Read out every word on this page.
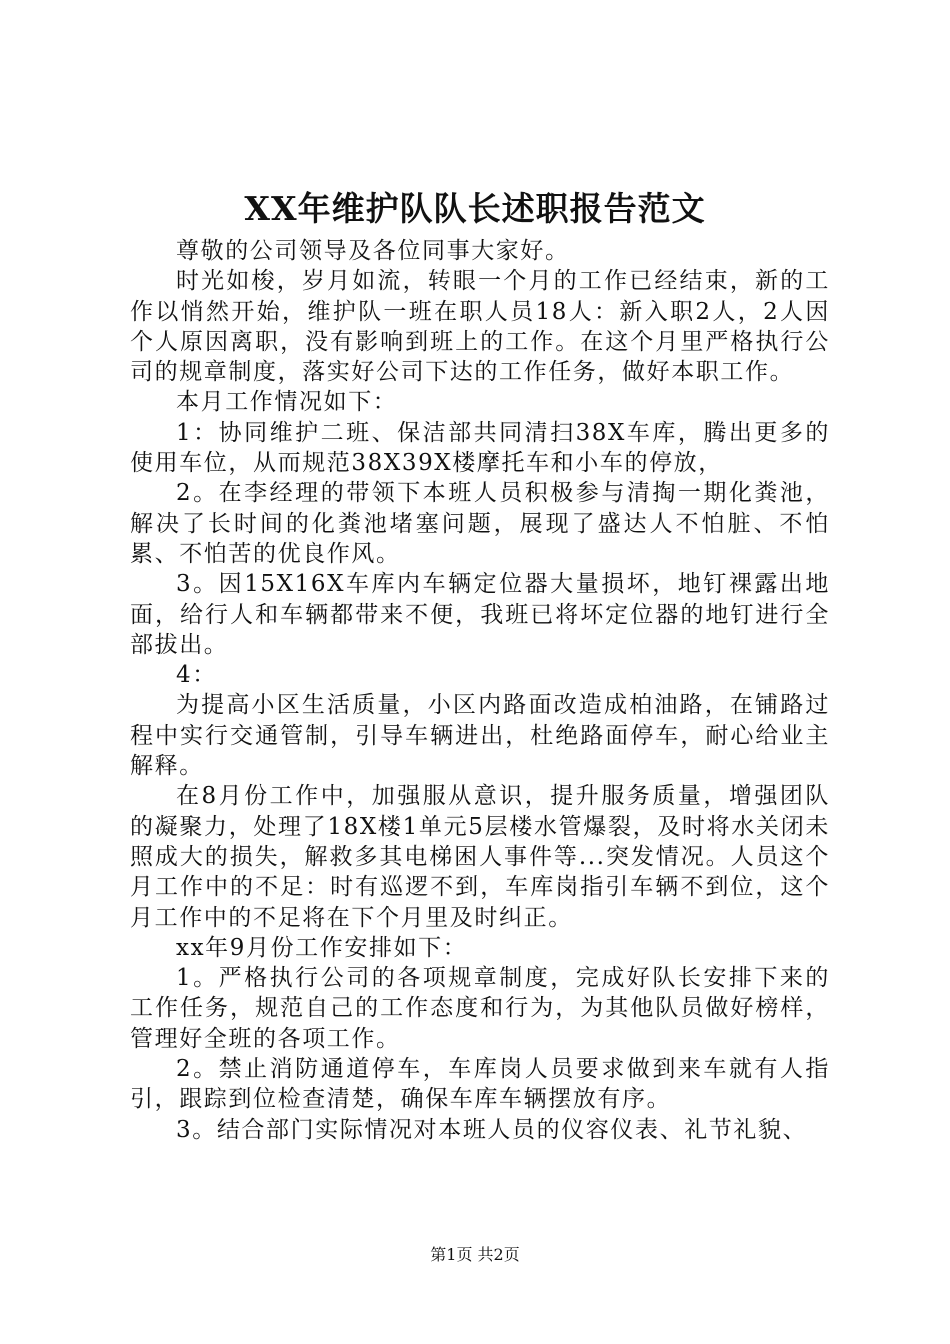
XX年维护队队长述职报告范文

尊敬的公司领导及各位同事大家好。

时光如梭，岁月如流，转眼一个月的工作已经结束，新的工作以悄然开始，维护队一班在职人员18人：新入职2人，2人因个人原因离职，没有影响到班上的工作。在这个月里严格执行公司的规章制度，落实好公司下达的工作任务，做好本职工作。

本月工作情况如下：

1：协同维护二班、保洁部共同清扫38X车库，腾出更多的使用车位，从而规范38X39X楼摩托车和小车的停放，

2。在李经理的带领下本班人员积极参与清掏一期化粪池，解决了长时间的化粪池堵塞问题，展现了盛达人不怕脏、不怕累、不怕苦的优良作风。

3。因15X16X车库内车辆定位器大量损坏，地钉裸露出地面，给行人和车辆都带来不便，我班已将坏定位器的地钉进行全部拔出。

4：

为提高小区生活质量，小区内路面改造成柏油路，在铺路过程中实行交通管制，引导车辆进出，杜绝路面停车，耐心给业主解释。

在8月份工作中，加强服从意识，提升服务质量，增强团队的凝聚力，处理了18X楼1单元5层楼水管爆裂，及时将水关闭未照成大的损失，解救多其电梯困人事件等...突发情况。人员这个月工作中的不足：时有巡逻不到，车库岗指引车辆不到位，这个月工作中的不足将在下个月里及时纠正。

xx年9月份工作安排如下：

1。严格执行公司的各项规章制度，完成好队长安排下来的工作任务，规范自己的工作态度和行为，为其他队员做好榜样，管理好全班的各项工作。

2。禁止消防通道停车，车库岗人员要求做到来车就有人指引，跟踪到位检查清楚，确保车库车辆摆放有序。

3。结合部门实际情况对本班人员的仪容仪表、礼节礼貌、

第1页 共2页
